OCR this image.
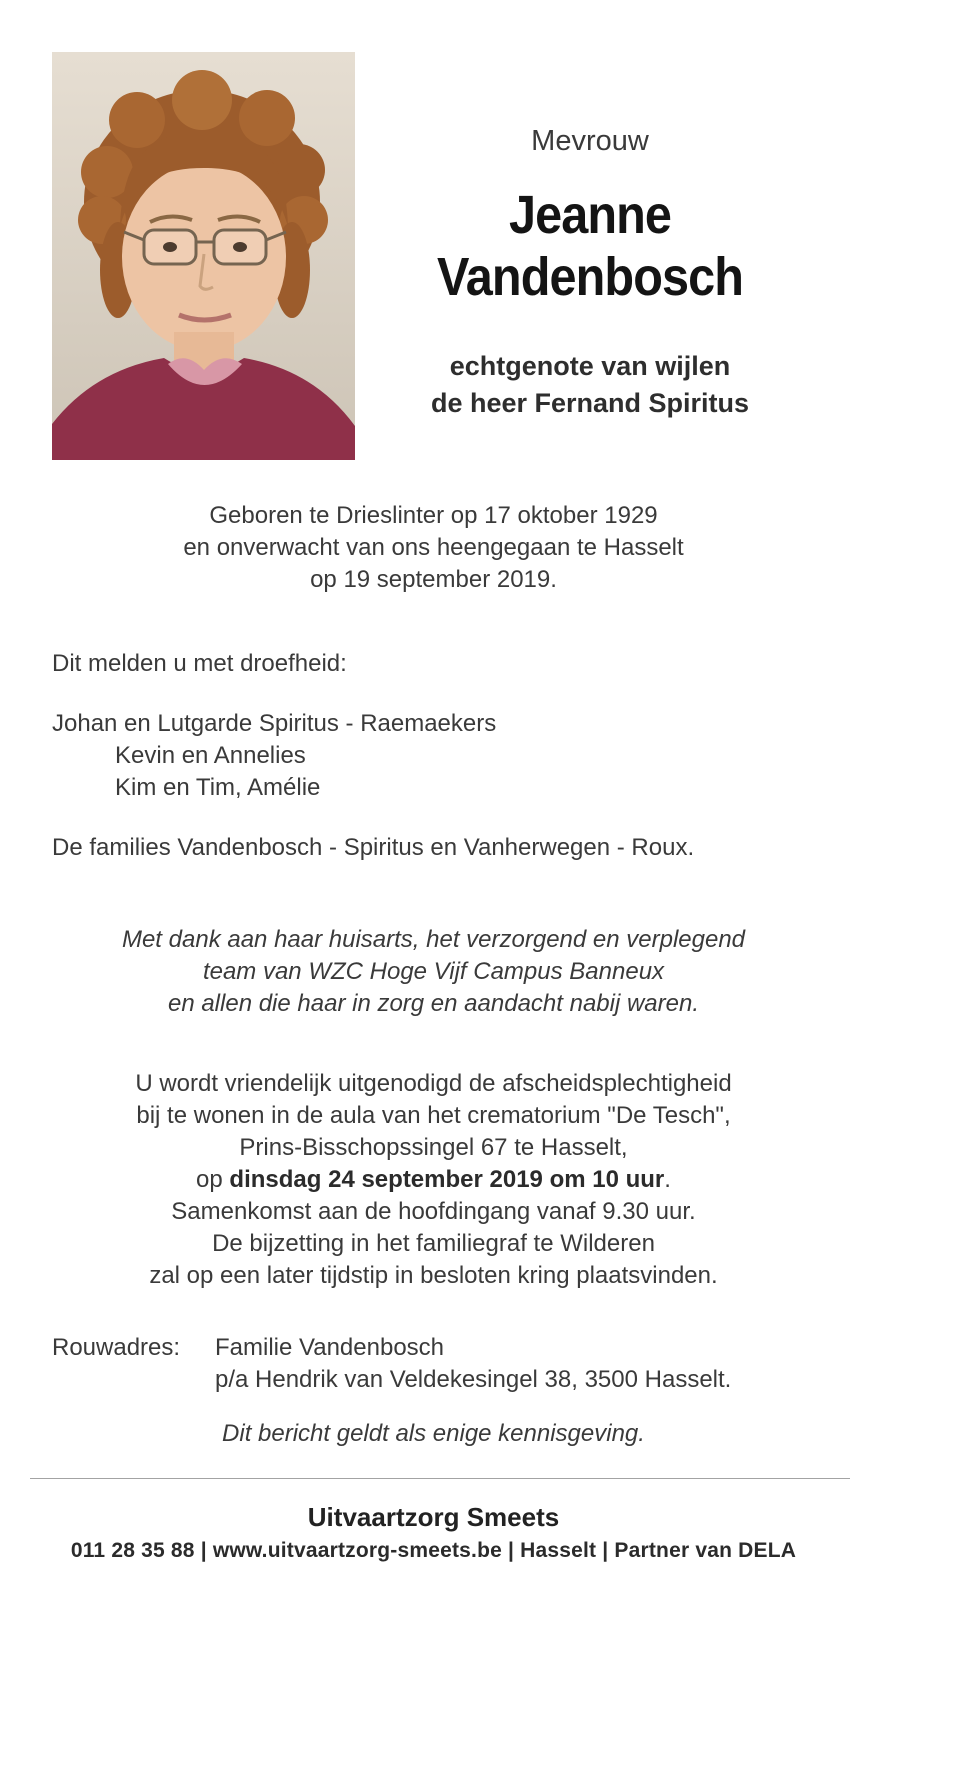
Mevrouw
Jeanne
Vandenbosch
echtgenote van wijlen
de heer Fernand Spiritus
Geboren te Drieslinter op 17 oktober 1929
en onverwacht van ons heengegaan te Hasselt
op 19 september 2019.
Dit melden u met droefheid:
Johan en Lutgarde Spiritus - Raemaekers
Kevin en Annelies
Kim en Tim, Amélie
De families Vandenbosch - Spiritus en Vanherwegen - Roux.
Met dank aan haar huisarts, het verzorgend en verplegend
team van WZC Hoge Vijf Campus Banneux
en allen die haar in zorg en aandacht nabij waren.
U wordt vriendelijk uitgenodigd de afscheidsplechtigheid
bij te wonen in de aula van het crematorium "De Tesch",
Prins-Bisschopssingel 67 te Hasselt,
op dinsdag 24 september 2019 om 10 uur.
Samenkomst aan de hoofdingang vanaf 9.30 uur.
De bijzetting in het familiegraf te Wilderen
zal op een later tijdstip in besloten kring plaatsvinden.
Rouwadres:	Familie Vandenbosch
p/a Hendrik van Veldekesingel 38, 3500 Hasselt.
Dit bericht geldt als enige kennisgeving.
Uitvaartzorg Smeets
011 28 35 88 | www.uitvaartzorg-smeets.be | Hasselt | Partner van DELA
